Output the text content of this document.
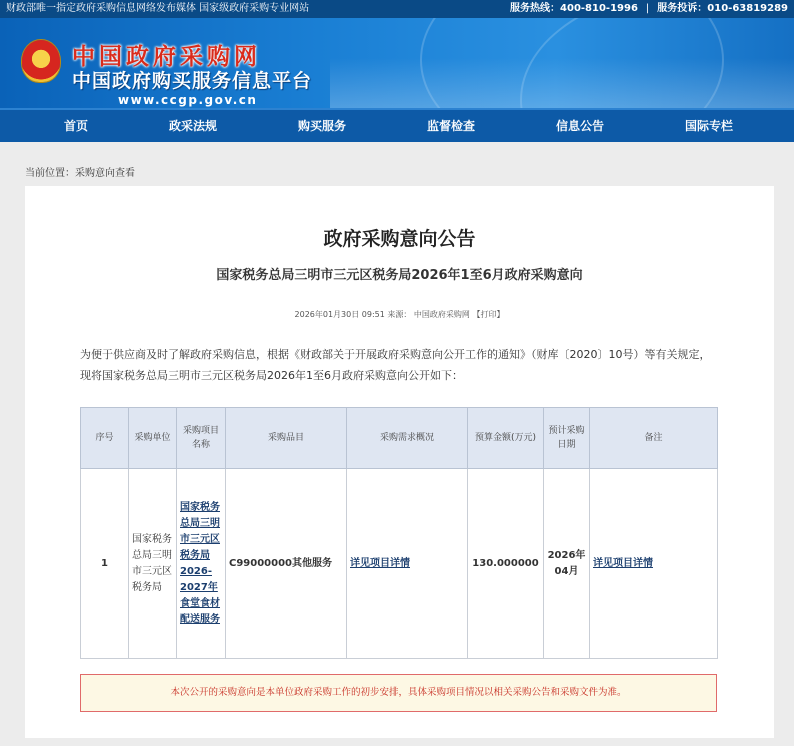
财政部唯一指定政府采购信息网络发布媒体 国家级政府采购专业网站	服务热线：400-810-1996 | 服务投诉：010-63819289
★	中国政府采购网
中国政府购买服务信息平台
www.ccgp.gov.cn
首页	政采法规	购买服务	监督检查	信息公告	国际专栏
当前位置：采购意向查看
政府采购意向公告
国家税务总局三明市三元区税务局2026年1至6月政府采购意向
2026年01月30日 09:51 来源： 中国政府采购网 【打印】
为便于供应商及时了解政府采购信息，根据《财政部关于开展政府采购意向公开工作的通知》（财库〔2020〕10号）等有关规定，现将国家税务总局三明市三元区税务局2026年1至6月政府采购意向公开如下：
序号	采购单位	采购项目名称	采购品目	采购需求概况	预算金额(万元)	预计采购日期	备注
1	国家税务总局三明市三元区税务局	国家税务总局三明市三元区税务局2026-2027年食堂食材配送服务	C99000000其他服务	详见项目详情	130.000000	2026年04月	详见项目详情
本次公开的采购意向是本单位政府采购工作的初步安排，具体采购项目情况以相关采购公告和采购文件为准。
